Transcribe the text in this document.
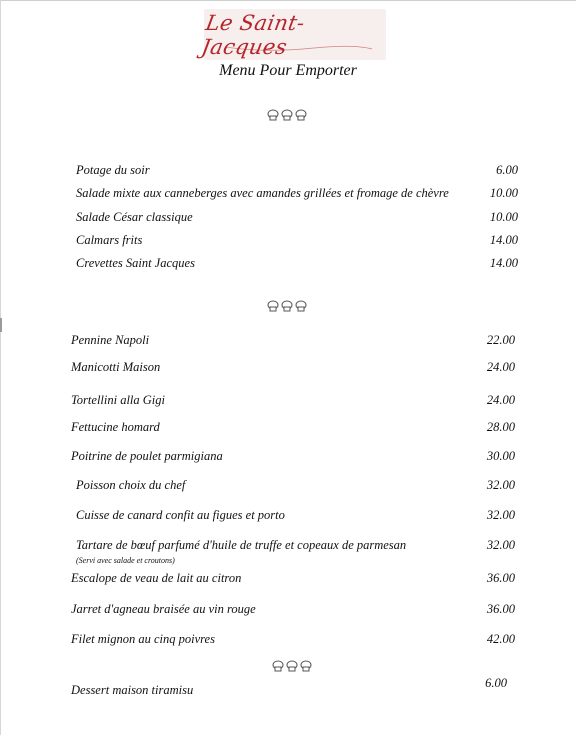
Le Saint-Jacques
Menu Pour Emporter
Potage du soir	6.00
Salade mixte aux canneberges avec amandes grillées et fromage de chèvre	10.00
Salade César classique	10.00
Calmars frits	14.00
Crevettes Saint Jacques	14.00
Pennine Napoli	22.00
Manicotti Maison	24.00
Tortellini alla Gigi	24.00
Fettucine homard	28.00
Poitrine de poulet parmigiana	30.00
Poisson choix du chef	32.00
Cuisse de canard confit au figues et porto	32.00
Tartare de bœuf parfumé d'huile de truffe et copeaux de parmesan	32.00
(Servi avec salade et croutons)
Escalope de veau de lait au citron	36.00
Jarret d'agneau braisée au vin rouge	36.00
Filet mignon au cinq poivres	42.00
Dessert maison tiramisu	6.00
